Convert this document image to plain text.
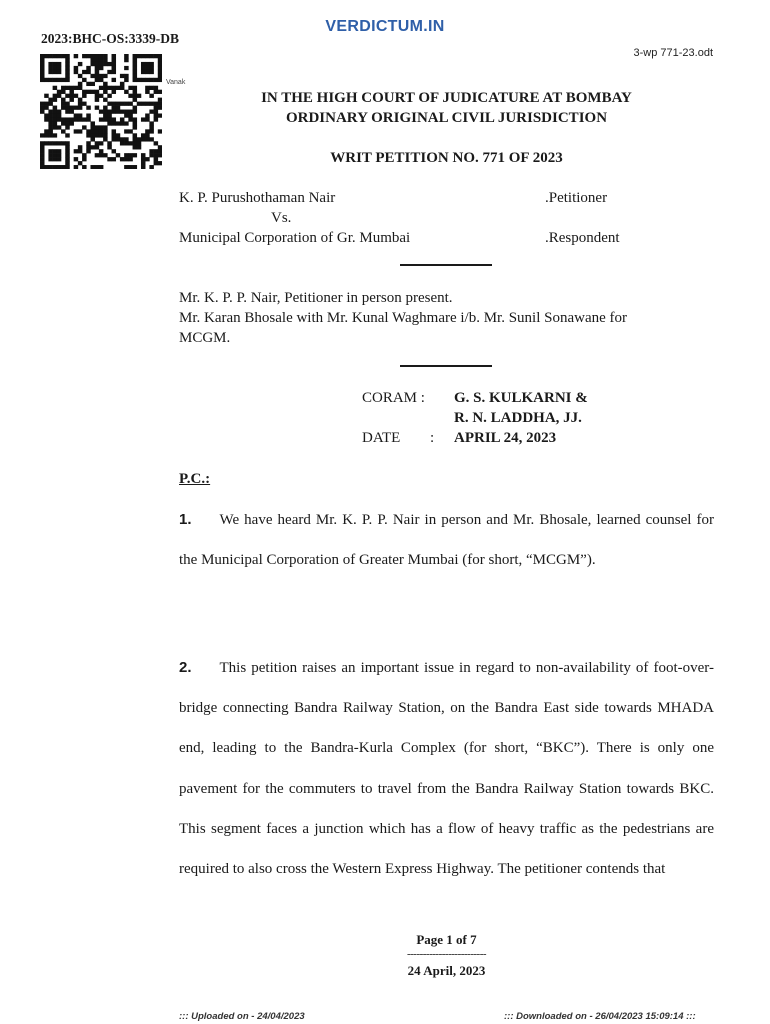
VERDICTUM.IN
2023:BHC-OS:3339-DB
3-wp 771-23.odt
Vanak
IN THE HIGH COURT OF JUDICATURE AT BOMBAY
ORDINARY ORIGINAL CIVIL JURISDICTION
WRIT PETITION NO. 771 OF 2023
K. P. Purushothaman Nair	.Petitioner
Vs.
Municipal Corporation of Gr. Mumbai	.Respondent
Mr. K. P. P. Nair, Petitioner in person present.
Mr. Karan Bhosale with Mr. Kunal Waghmare i/b. Mr. Sunil Sonawane for
MCGM.
CORAM : G. S. KULKARNI &
R. N. LADDHA, JJ.
DATE : APRIL 24, 2023
P.C.:
1. We have heard Mr. K. P. P. Nair in person and Mr. Bhosale, learned counsel for the Municipal Corporation of Greater Mumbai (for short, “MCGM”).
2. This petition raises an important issue in regard to non-availability of foot-over-bridge connecting Bandra Railway Station, on the Bandra East side towards MHADA end, leading to the Bandra-Kurla Complex (for short, “BKC”). There is only one pavement for the commuters to travel from the Bandra Railway Station towards BKC. This segment faces a junction which has a flow of heavy traffic as the pedestrians are required to also cross the Western Express Highway. The petitioner contends that
Page 1 of 7
-------------------------
24 April, 2023
::: Uploaded on - 24/04/2023	::: Downloaded on - 26/04/2023 15:09:14 :::
